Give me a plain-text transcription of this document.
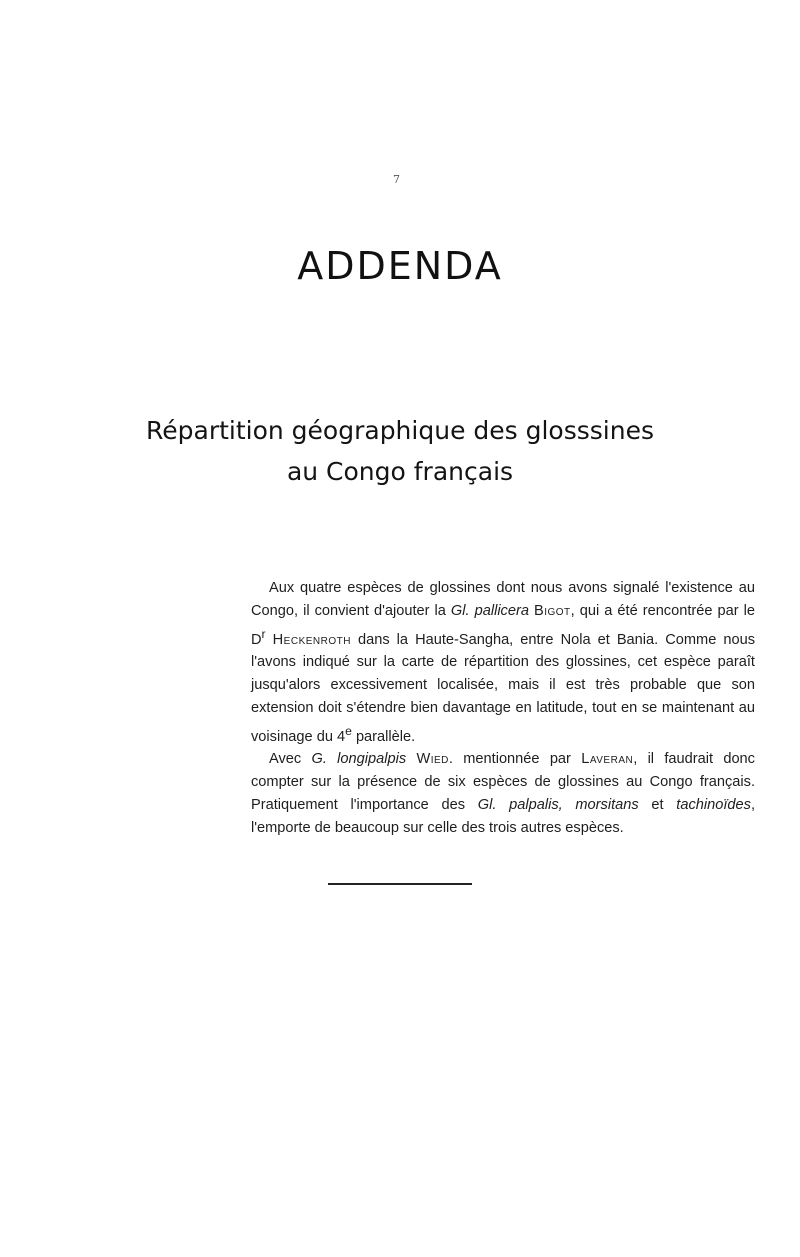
7
ADDENDA
Répartition géographique des glosssines
au Congo français

Aux quatre espèces de glossines dont nous avons signalé l'existence au Congo, il convient d'ajouter la Gl. pallicera Bigot, qui a été rencontrée par le $D^r$ Heckenroth dans la Haute-Sangha, entre Nola et Bania. Comme nous l'avons indiqué sur la carte de répartition des glossines, cet espèce paraît jusqu'alors excessivement localisée, mais il est très probable que son extension doit s'étendre bien davantage en latitude, tout en se maintenant au voisinage du 4e parallèle.

Avec G. longipalpis Wied. mentionnée par Laveran, il faudrait donc compter sur la présence de six espèces de glossines au Congo français. Pratiquement l'importance des Gl. palpalis, morsitans et tachinoïdes, l'emporte de beaucoup sur celle des trois autres espèces.
